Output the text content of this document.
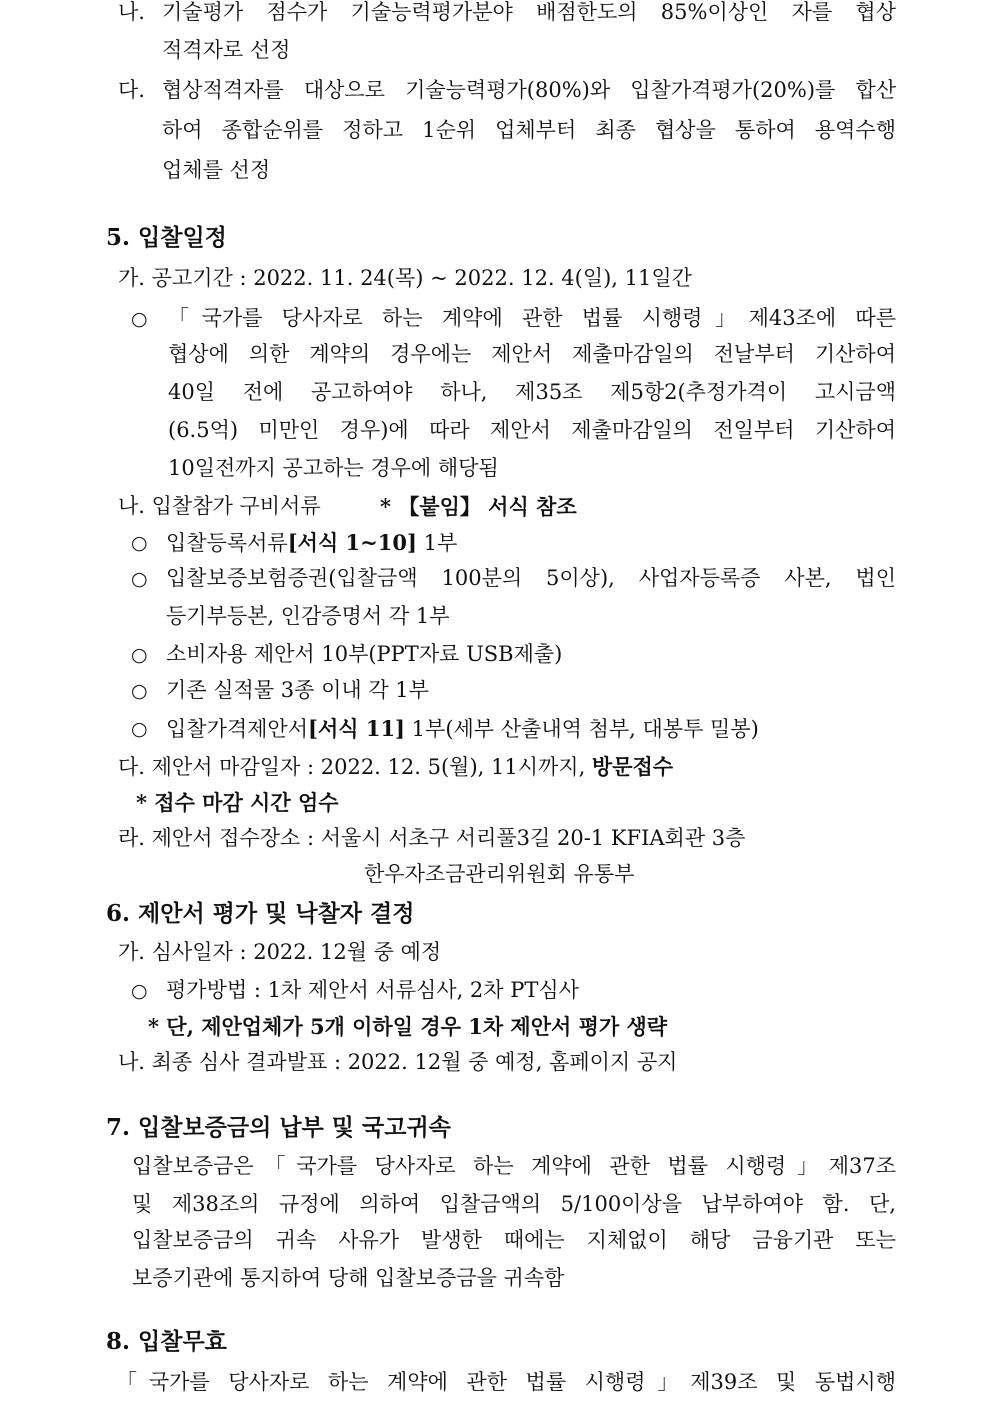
나. 기술평가 점수가 기술능력평가분야 배점한도의 85%이상인 자를 협상
적격자로 선정
다. 협상적격자를 대상으로 기술능력평가(80%)와 입찰가격평가(20%)를 합산
하여 종합순위를 정하고 1순위 업체부터 최종 협상을 통하여 용역수행
업체를 선정
5. 입찰일정
가. 공고기간 : 2022. 11. 24(목) ~ 2022. 12. 4(일), 11일간
○ 「국가를 당사자로 하는 계약에 관한 법률 시행령」제43조에 따른
협상에 의한 계약의 경우에는 제안서 제출마감일의 전날부터 기산하여
40일 전에 공고하여야 하나, 제35조 제5항2(추정가격이 고시금액
(6.5억) 미만인 경우)에 따라 제안서 제출마감일의 전일부터 기산하여
10일전까지 공고하는 경우에 해당됨
나. 입찰참가 구비서류	* 【붙임】 서식 참조
○ 입찰등록서류[서식 1~10] 1부
○ 입찰보증보험증권(입찰금액 100분의 5이상), 사업자등록증 사본, 법인
등기부등본, 인감증명서 각 1부
○ 소비자용 제안서 10부(PPT자료 USB제출)
○ 기존 실적물 3종 이내 각 1부
○ 입찰가격제안서[서식 11] 1부(세부 산출내역 첨부, 대봉투 밀봉)
다. 제안서 마감일자 : 2022. 12. 5(월), 11시까지, 방문접수
* 접수 마감 시간 엄수
라. 제안서 접수장소 : 서울시 서초구 서리풀3길 20-1 KFIA회관 3층
한우자조금관리위원회 유통부
6. 제안서 평가 및 낙찰자 결정
가. 심사일자 : 2022. 12월 중 예정
○ 평가방법 : 1차 제안서 서류심사, 2차 PT심사
* 단, 제안업체가 5개 이하일 경우 1차 제안서 평가 생략
나. 최종 심사 결과발표 : 2022. 12월 중 예정, 홈페이지 공지
7. 입찰보증금의 납부 및 국고귀속
입찰보증금은「국가를 당사자로 하는 계약에 관한 법률 시행령」제37조
및 제38조의 규정에 의하여 입찰금액의 5/100이상을 납부하여야 함. 단,
입찰보증금의 귀속 사유가 발생한 때에는 지체없이 해당 금융기관 또는
보증기관에 통지하여 당해 입찰보증금을 귀속함
8. 입찰무효
「국가를 당사자로 하는 계약에 관한 법률 시행령」제39조 및 동법시행
